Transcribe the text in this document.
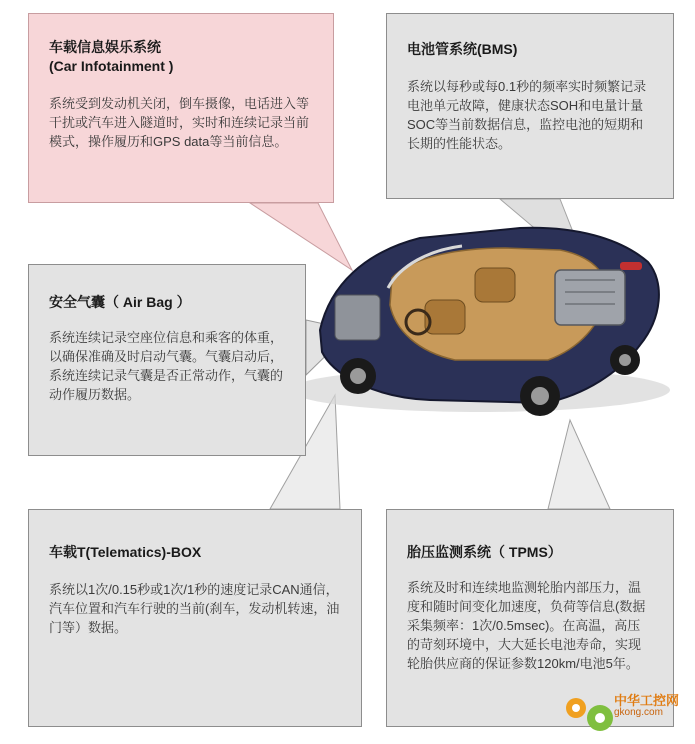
车载信息娱乐系统
(Car Infotainment )
系统受到发动机关闭，倒车摄像，电话进入等干扰或汽车进入隧道时，实时和连续记录当前模式，操作履历和GPS data等当前信息。
电池管系统(BMS)
系统以每秒或每0.1秒的频率实时频繁记录电池单元故障，健康状态SOH和电量计量SOC等当前数据信息，监控电池的短期和长期的性能状态。
安全气囊（ Air Bag ）
系统连续记录空座位信息和乘客的体重，以确保准确及时启动气囊。气囊启动后，系统连续记录气囊是否正常动作，气囊的动作履历数据。
车载T(Telematics)-BOX
系统以1次/0.15秒或1次/1秒的速度记录CAN通信，汽车位置和汽车行驶的当前(刹车，发动机转速，油门等）数据。
胎压监测系统（ TPMS）
系统及时和连续地监测轮胎内部压力，温度和随时间变化加速度，负荷等信息(数据采集频率：1次/0.5msec)。在高温，高压的苛刻环境中，大大延长电池寿命，实现轮胎供应商的保证参数120km/电池5年。
中华工控网
gkong.com
